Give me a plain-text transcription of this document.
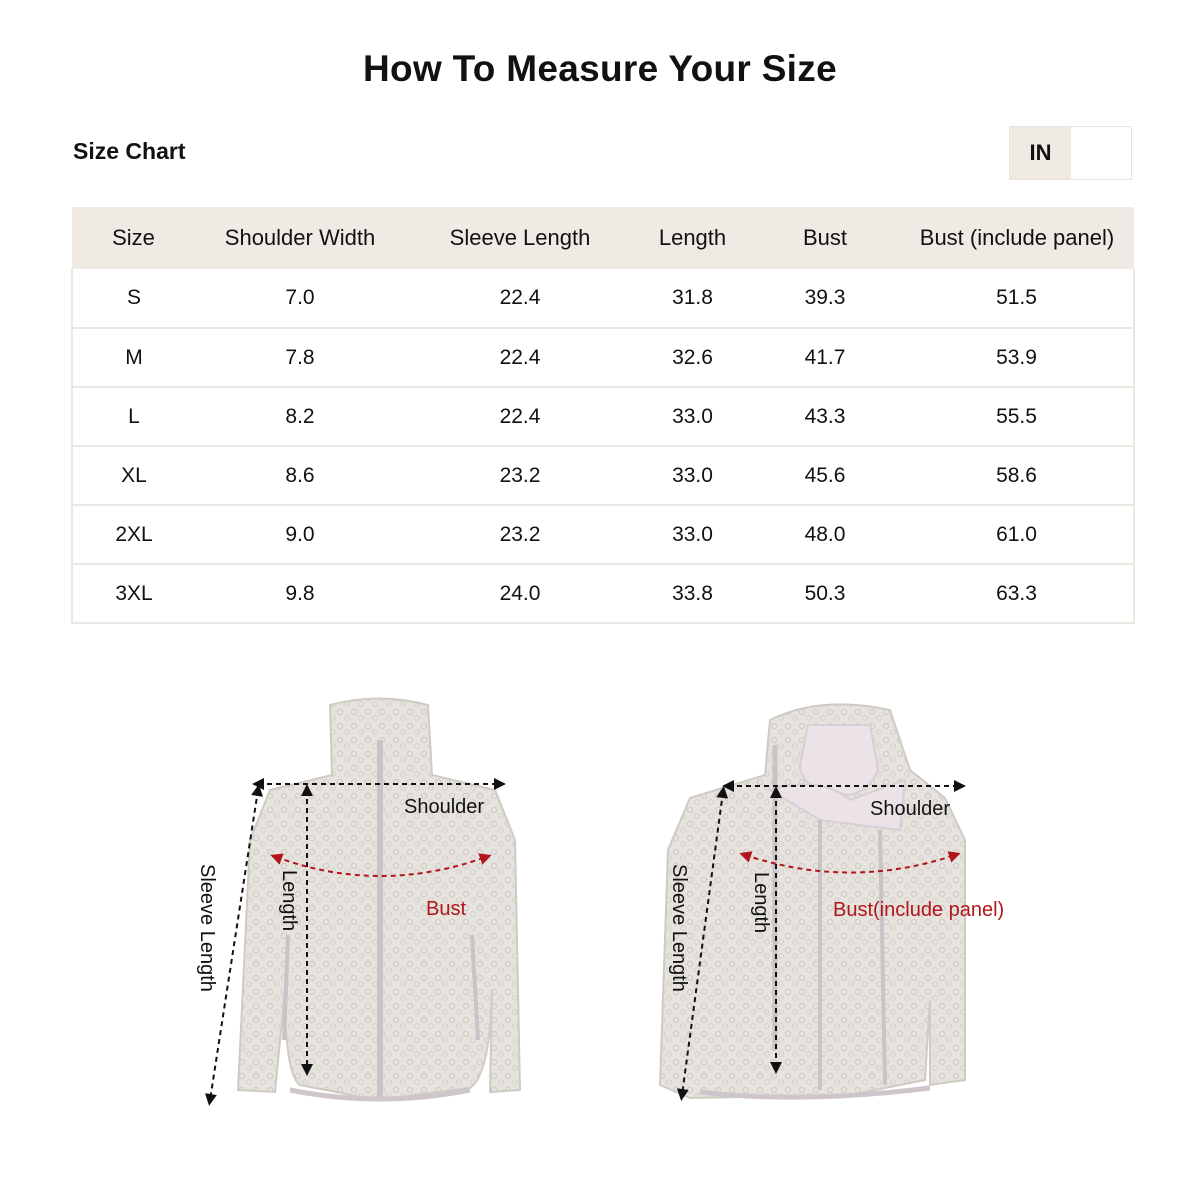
How To Measure Your Size
Size Chart	IN
Size	Shoulder Width	Sleeve Length	Length	Bust	Bust (include panel)
S	7.0	22.4	31.8	39.3	51.5
M	7.8	22.4	32.6	41.7	53.9
L	8.2	22.4	33.0	43.3	55.5
XL	8.6	23.2	33.0	45.6	58.6
2XL	9.0	23.2	33.0	48.0	61.0
3XL	9.8	24.0	33.8	50.3	63.3
Shoulder
Bust
Length
Sleeve Length
Shoulder
Bust(include panel)
Length
Sleeve Length
